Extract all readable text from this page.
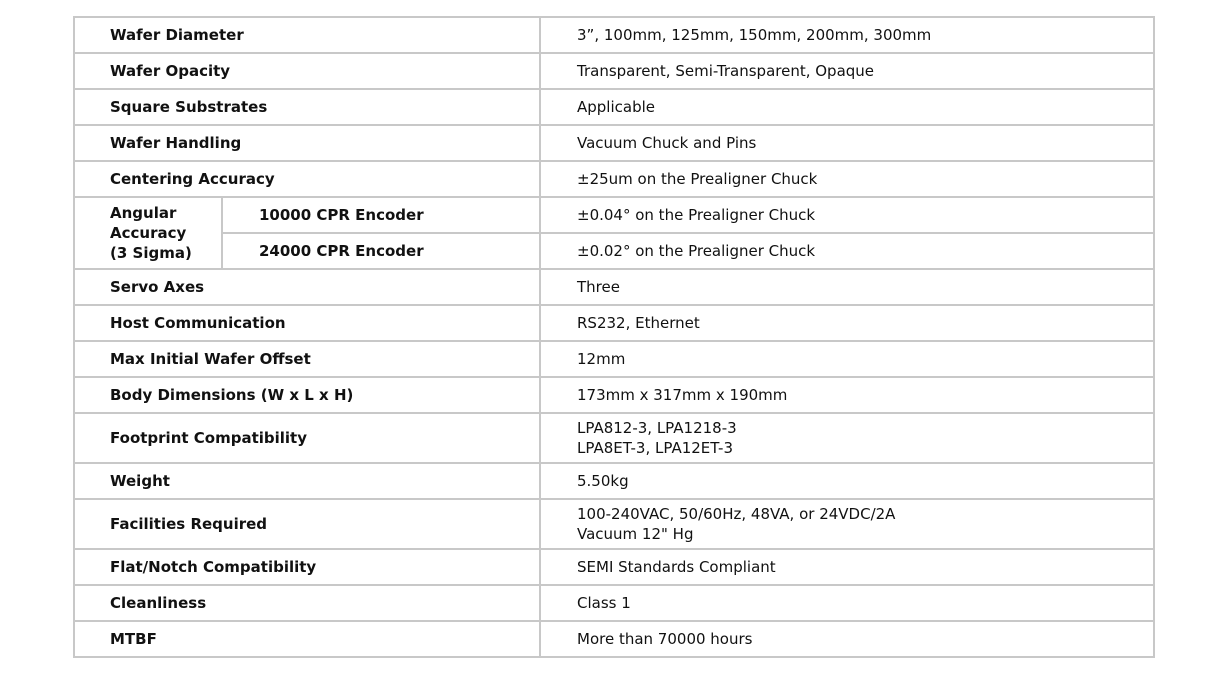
Wafer Diameter		3”, 100mm, 125mm, 150mm, 200mm, 300mm
Wafer Opacity		Transparent, Semi-Transparent, Opaque
Square Substrates		Applicable
Wafer Handling		Vacuum Chuck and Pins
Centering Accuracy		±25um on the Prealigner Chuck

Angular
Accuracy
(3 Sigma)	10000 CPR Encoder	±0.04° on the Prealigner Chuck
	24000 CPR Encoder	±0.02° on the Prealigner Chuck
Servo Axes		Three
Host Communication		RS232, Ethernet
Max Initial Wafer Offset		12mm
Body Dimensions (W x L x H)		173mm x 317mm x 190mm
Footprint Compatibility		LPA812-3, LPA1218-3
LPA8ET-3, LPA12ET-3

Weight		5.50kg
Facilities Required		100-240VAC, 50/60Hz, 48VA, or 24VDC/2A
Vacuum 12" Hg

Flat/Notch Compatibility		SEMI Standards Compliant
Cleanliness		Class 1
MTBF		More than 70000 hours
